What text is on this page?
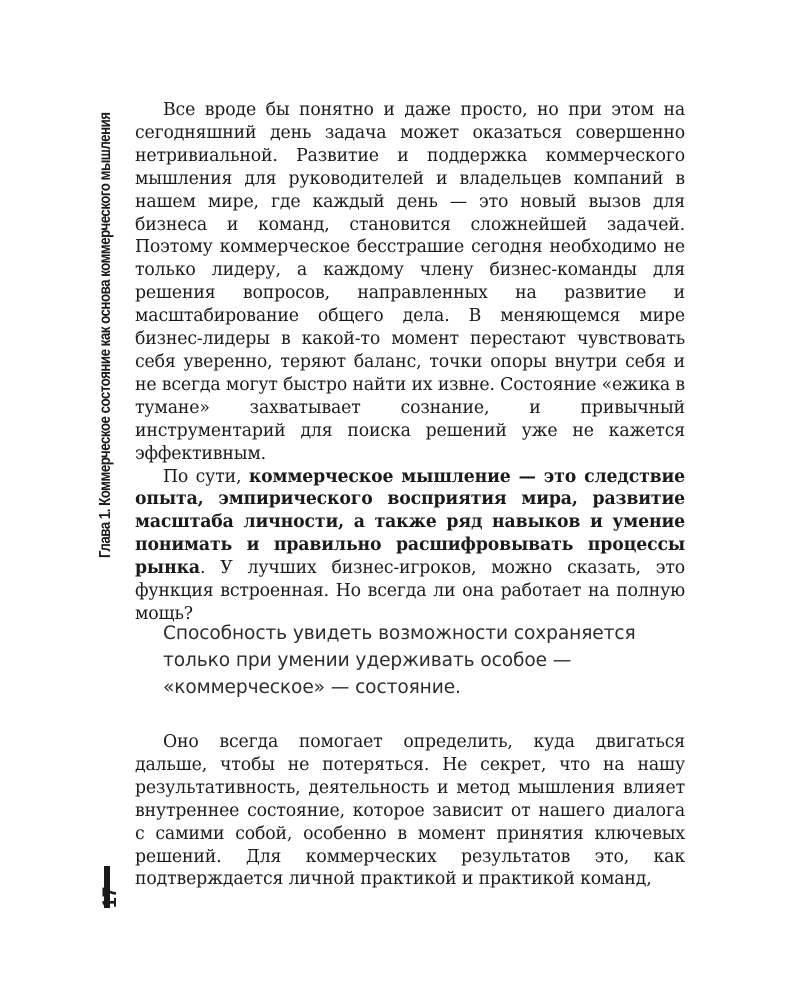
Глава 1. Коммерческое состояние как основа коммерческого мышления
17

Все вроде бы понятно и даже просто, но при этом на сегодняшний день задача может оказаться совершенно нетривиальной. Развитие и поддержка коммерческого мышления для руководителей и владельцев компаний в нашем мире, где каждый день — это новый вызов для бизнеса и команд, становится сложнейшей задачей. Поэтому коммерческое бесстрашие сегодня необходимо не только лидеру, а каждому члену бизнес-команды для решения вопросов, направленных на развитие и масштабирование общего дела. В меняющемся мире бизнес-лидеры в какой-то момент перестают чувствовать себя уверенно, теряют баланс, точки опоры внутри себя и не всегда могут быстро найти их извне. Состояние «ежика в тумане» захватывает сознание, и привычный инструментарий для поиска решений уже не кажется эффективным.

По сути, коммерческое мышление — это следствие опыта, эмпирического восприятия мира, развитие масштаба личности, а также ряд навыков и умение понимать и правильно расшифровывать процессы рынка. У лучших бизнес-игроков, можно сказать, это функция встроенная. Но всегда ли она работает на полную мощь?

Способность увидеть возможности сохраняется только при умении удерживать особое — «коммерческое» — состояние.

Оно всегда помогает определить, куда двигаться дальше, чтобы не потеряться. Не секрет, что на нашу результативность, деятельность и метод мышления влияет внутреннее состояние, которое зависит от нашего диалога с самими собой, особенно в момент принятия ключевых решений. Для коммерческих результатов это, как подтверждается личной практикой и практикой команд,
